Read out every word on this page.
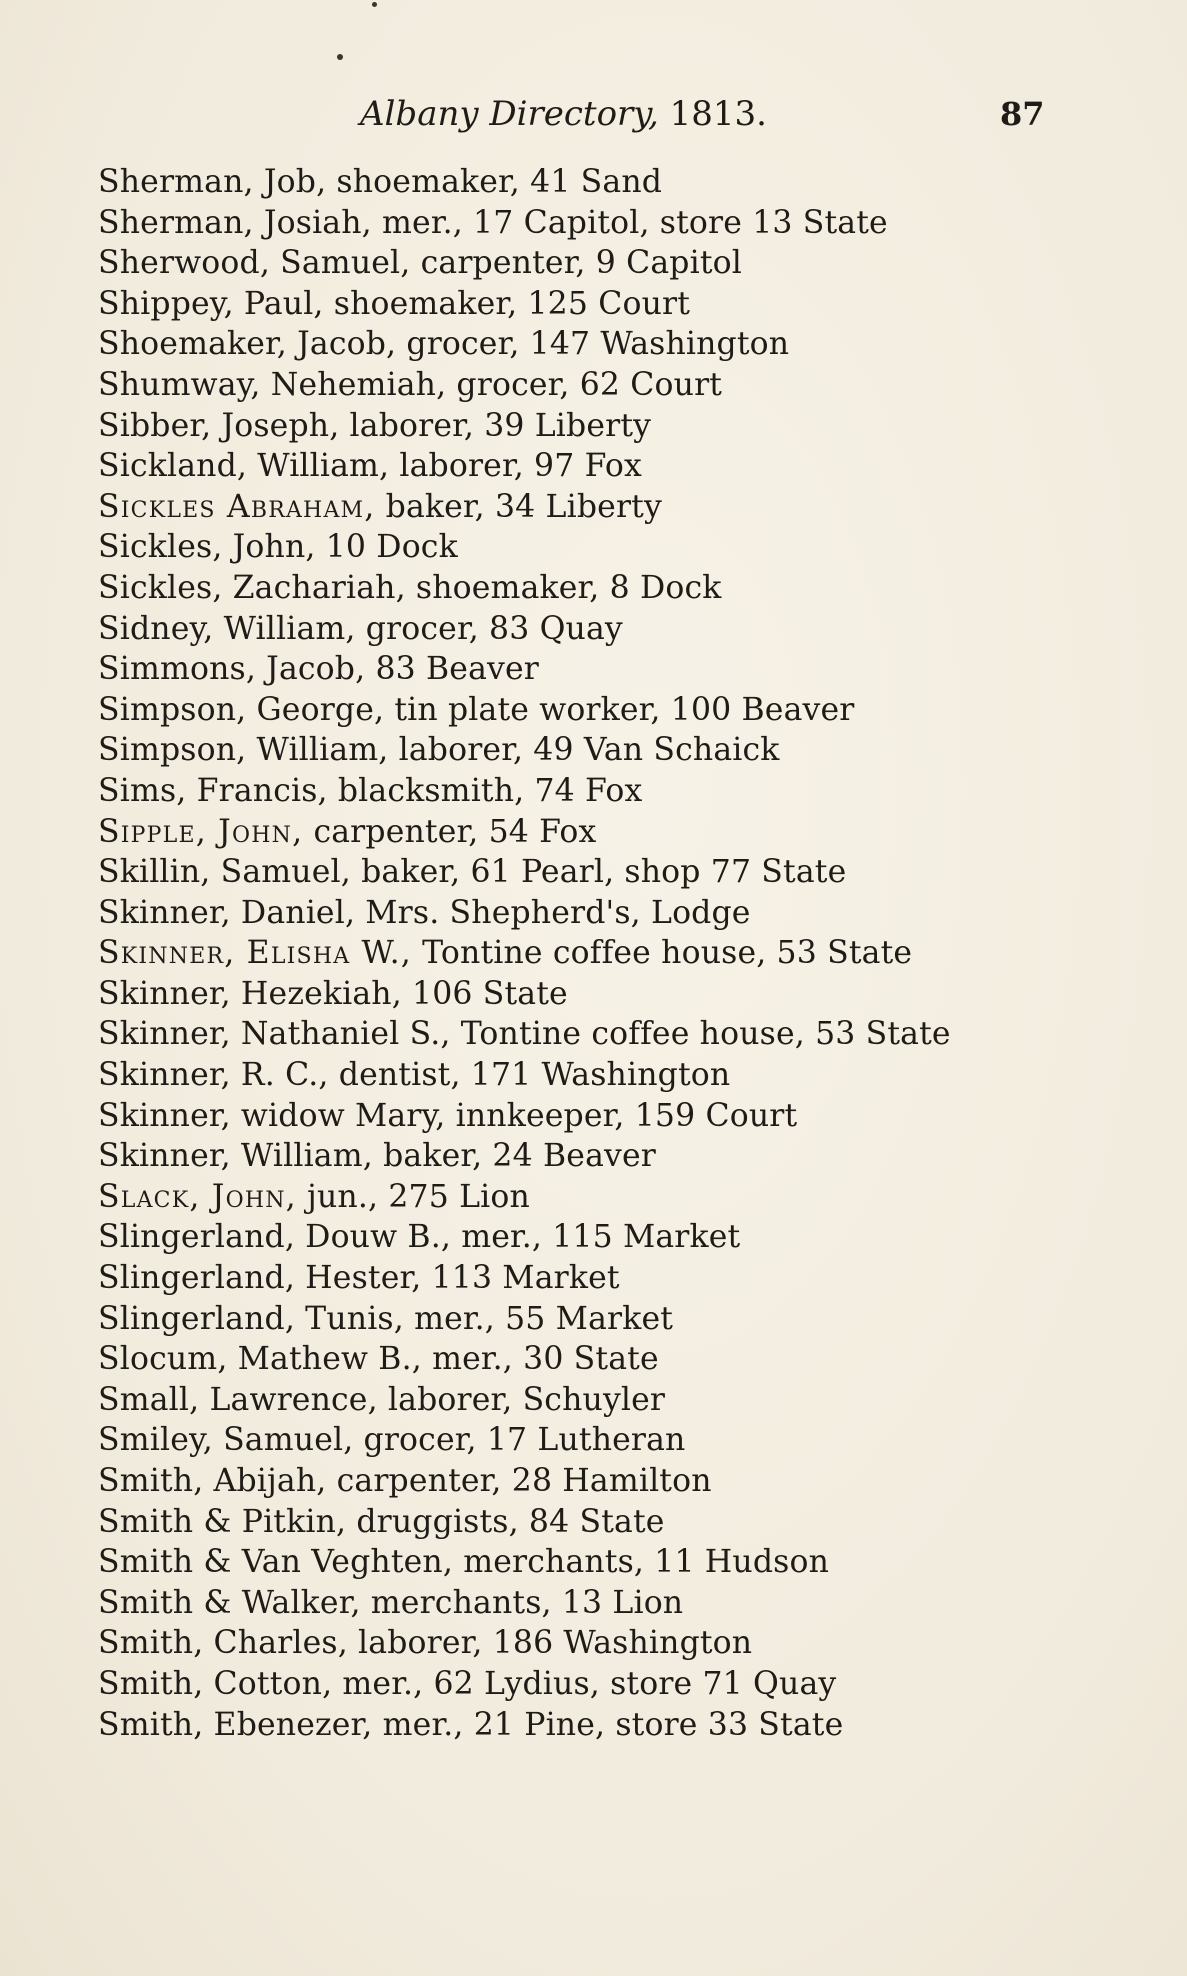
Albany Directory, 1813.	87
Sherman, Job, shoemaker, 41 Sand
Sherman, Josiah, mer., 17 Capitol, store 13 State
Sherwood, Samuel, carpenter, 9 Capitol
Shippey, Paul, shoemaker, 125 Court
Shoemaker, Jacob, grocer, 147 Washington
Shumway, Nehemiah, grocer, 62 Court
Sibber, Joseph, laborer, 39 Liberty
Sickland, William, laborer, 97 Fox
Sickles Abraham, baker, 34 Liberty
Sickles, John, 10 Dock
Sickles, Zachariah, shoemaker, 8 Dock
Sidney, William, grocer, 83 Quay
Simmons, Jacob, 83 Beaver
Simpson, George, tin plate worker, 100 Beaver
Simpson, William, laborer, 49 Van Schaick
Sims, Francis, blacksmith, 74 Fox
Sipple, John, carpenter, 54 Fox
Skillin, Samuel, baker, 61 Pearl, shop 77 State
Skinner, Daniel, Mrs. Shepherd's, Lodge
Skinner, Elisha W., Tontine coffee house, 53 State
Skinner, Hezekiah, 106 State
Skinner, Nathaniel S., Tontine coffee house, 53 State
Skinner, R. C., dentist, 171 Washington
Skinner, widow Mary, innkeeper, 159 Court
Skinner, William, baker, 24 Beaver
Slack, John, jun., 275 Lion
Slingerland, Douw B., mer., 115 Market
Slingerland, Hester, 113 Market
Slingerland, Tunis, mer., 55 Market
Slocum, Mathew B., mer., 30 State
Small, Lawrence, laborer, Schuyler
Smiley, Samuel, grocer, 17 Lutheran
Smith, Abijah, carpenter, 28 Hamilton
Smith & Pitkin, druggists, 84 State
Smith & Van Veghten, merchants, 11 Hudson
Smith & Walker, merchants, 13 Lion
Smith, Charles, laborer, 186 Washington
Smith, Cotton, mer., 62 Lydius, store 71 Quay
Smith, Ebenezer, mer., 21 Pine, store 33 State
